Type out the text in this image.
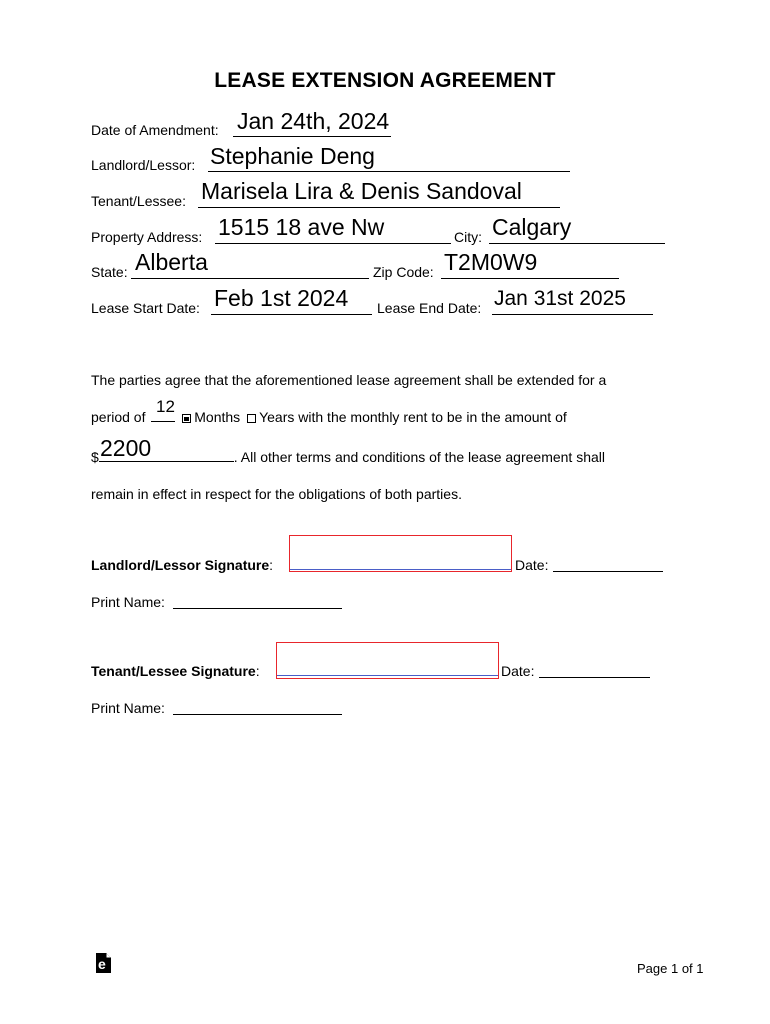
LEASE EXTENSION AGREEMENT
Date of Amendment: Jan 24th, 2024
Landlord/Lessor: Stephanie Deng
Tenant/Lessee: Marisela Lira & Denis Sandoval
Property Address: 1515 18 ave Nw	City: Calgary
State: Alberta	Zip Code: T2M0W9
Lease Start Date: Feb 1st 2024 Lease End Date: Jan 31st 2025
The parties agree that the aforementioned lease agreement shall be extended for a
period of	Months Years with the monthly rent to be in the amount of
12
$	. All other terms and conditions of the lease agreement shall
2200
remain in effect in respect for the obligations of both parties.
Landlord/Lessor Signature:	Date:
Print Name:
Tenant/Lessee Signature:	Date:
Print Name:
e	Page 1 of 1
